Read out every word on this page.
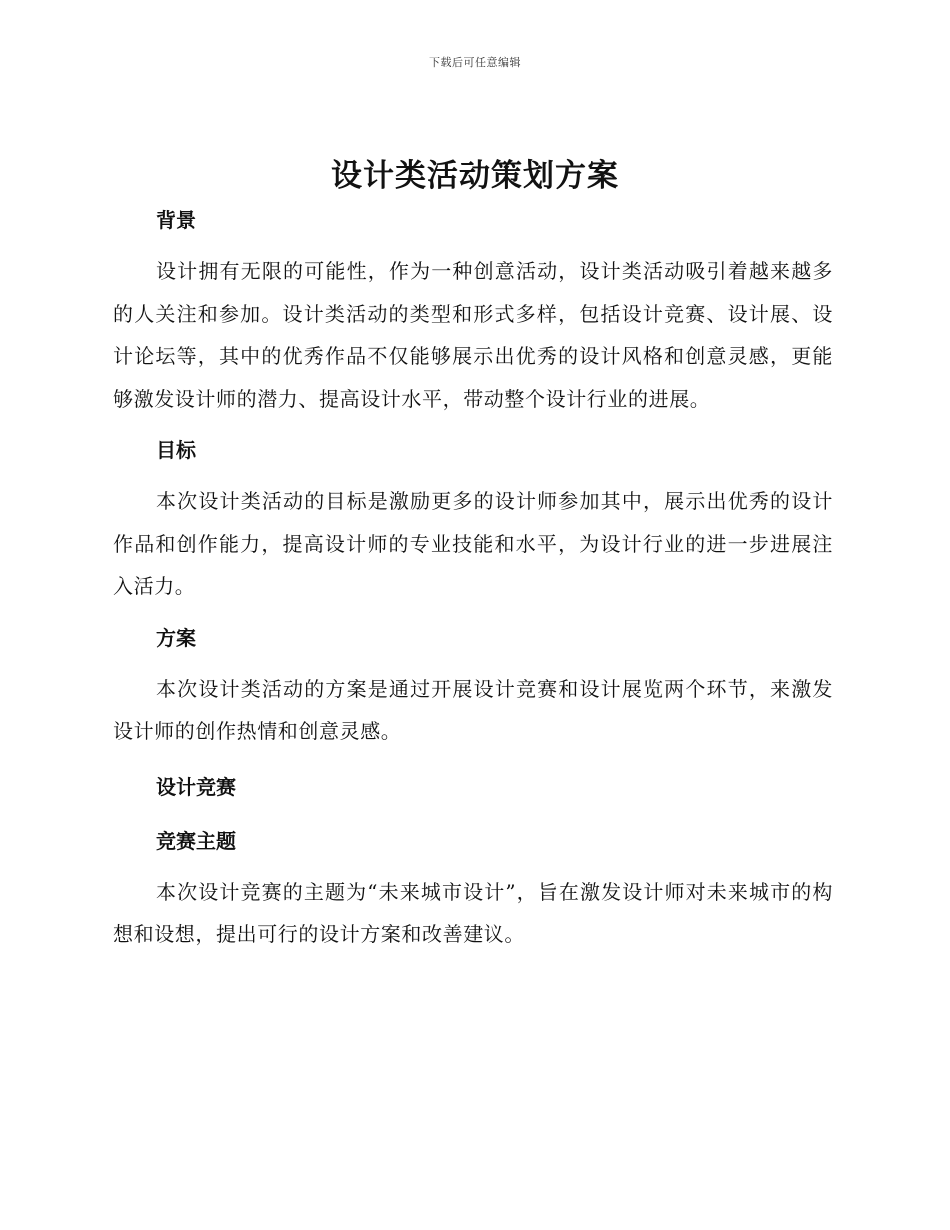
下载后可任意编辑
设计类活动策划方案

背景

设计拥有无限的可能性，作为一种创意活动，设计类活动吸引着越来越多的人关注和参加。设计类活动的类型和形式多样，包括设计竞赛、设计展、设计论坛等，其中的优秀作品不仅能够展示出优秀的设计风格和创意灵感，更能够激发设计师的潜力、提高设计水平，带动整个设计行业的进展。

目标

本次设计类活动的目标是激励更多的设计师参加其中，展示出优秀的设计作品和创作能力，提高设计师的专业技能和水平，为设计行业的进一步进展注入活力。

方案

本次设计类活动的方案是通过开展设计竞赛和设计展览两个环节，来激发设计师的创作热情和创意灵感。

设计竞赛

竞赛主题

本次设计竞赛的主题为“未来城市设计”，旨在激发设计师对未来城市的构想和设想，提出可行的设计方案和改善建议。
